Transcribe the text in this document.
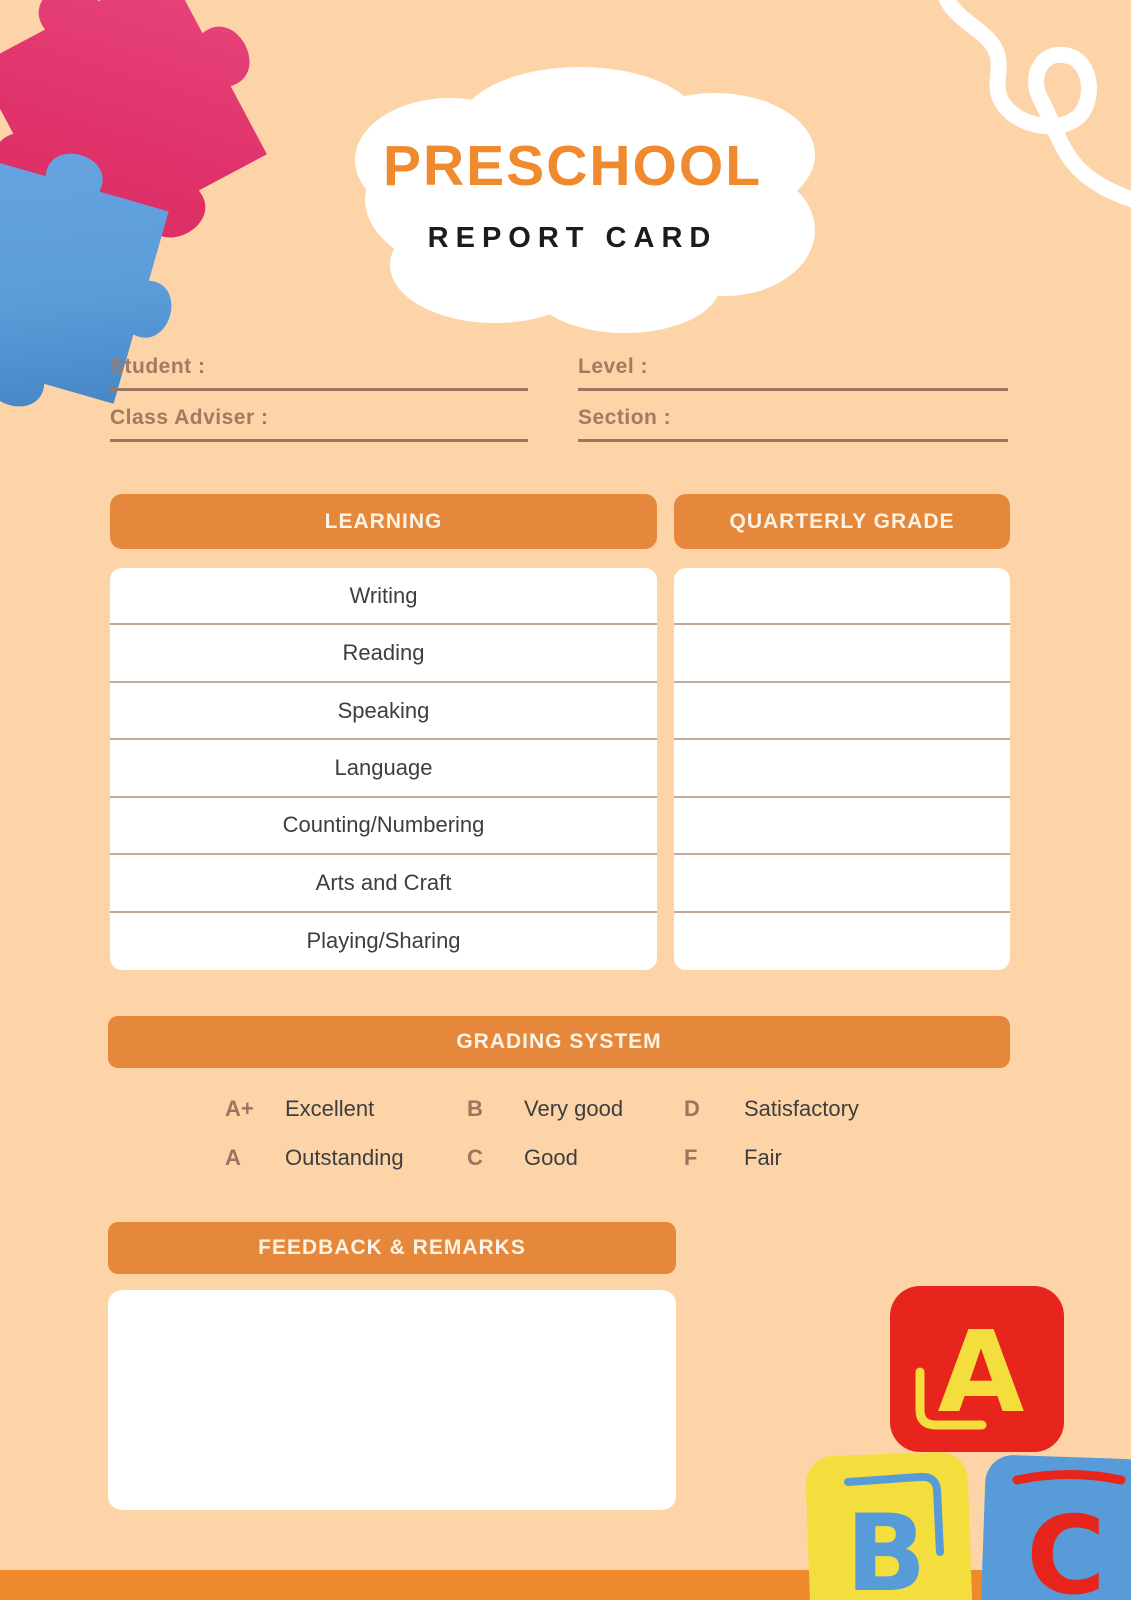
PRESCHOOL
REPORT CARD
Student :	Level :
Class Adviser :	Section :
LEARNING	QUARTERLY GRADE
Writing
Reading
Speaking
Language
Counting/Numbering
Arts and Craft
Playing/Sharing
GRADING SYSTEM
A+	Excellent	B	Very good	D	Satisfactory
A	Outstanding	C	Good	F	Fair
FEEDBACK & REMARKS
A
B C
